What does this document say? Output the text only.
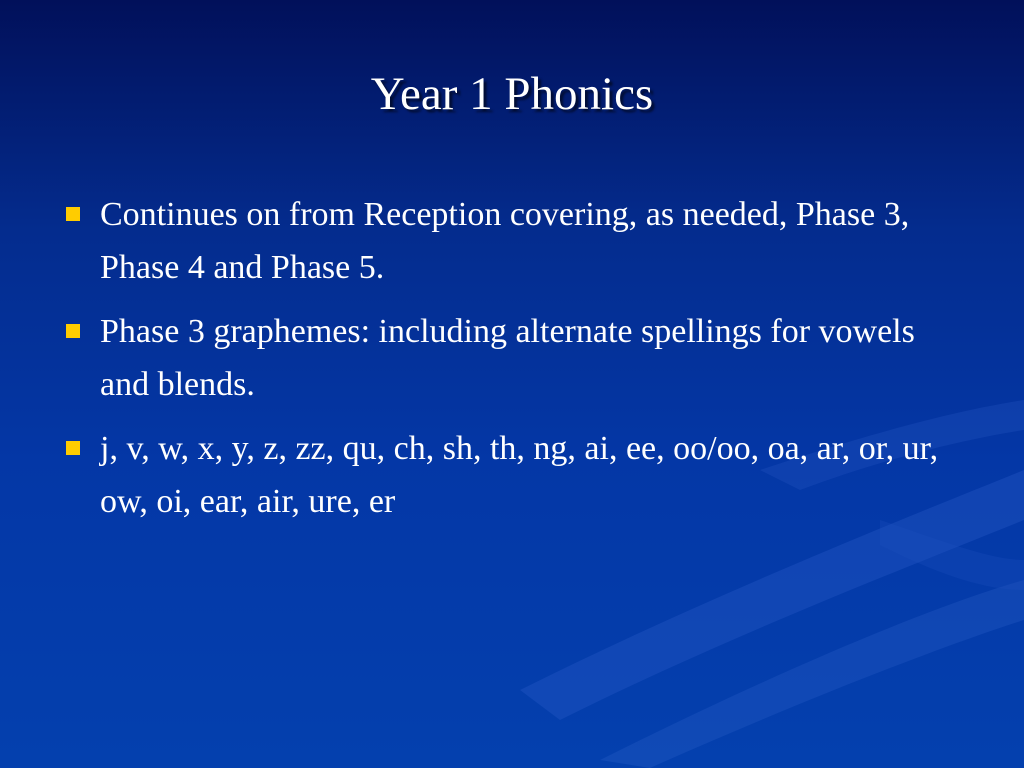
Year 1 Phonics
Continues on from Reception covering, as needed, Phase 3, Phase 4 and Phase 5.
Phase 3 graphemes: including alternate spellings for vowels and blends.
j, v, w, x, y, z, zz, qu, ch, sh, th, ng, ai, ee, oo/oo, oa, ar, or, ur, ow, oi, ear, air, ure, er
